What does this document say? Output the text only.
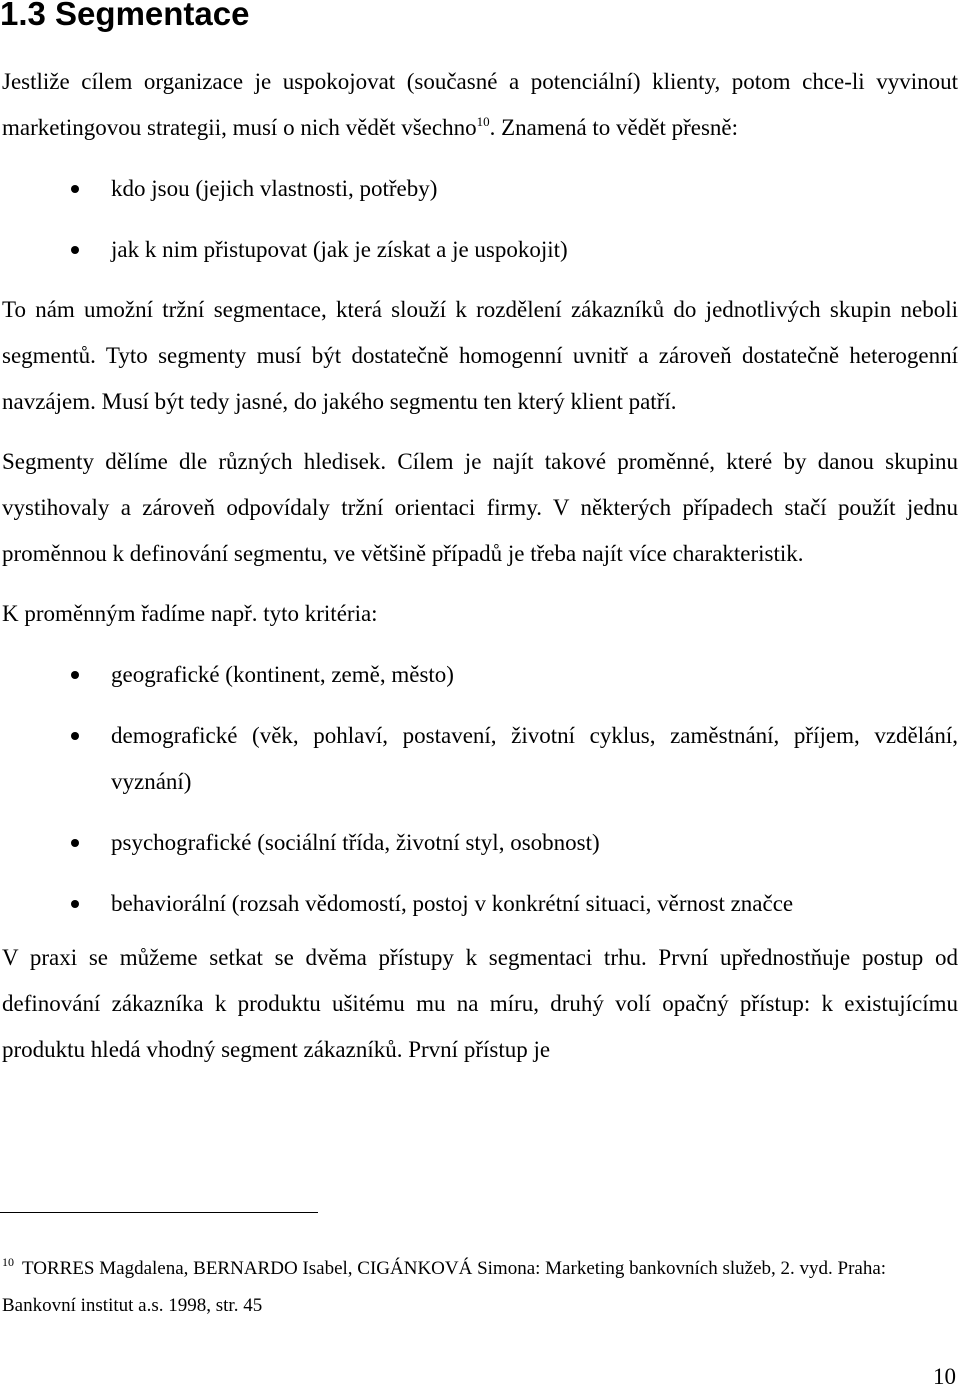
1.3 Segmentace

Jestliže cílem organizace je uspokojovat (současné a potenciální) klienty, potom chce-li vyvinout marketingovou strategii, musí o nich vědět všechno$^{10}$. Znamená to vědět přesně:

kdo jsou (jejich vlastnosti, potřeby)
jak k nim přistupovat (jak je získat a je uspokojit)

To nám umožní tržní segmentace, která slouží k rozdělení zákazníků do jednotlivých skupin neboli segmentů. Tyto segmenty musí být dostatečně homogenní uvnitř a zároveň dostatečně heterogenní navzájem. Musí být tedy jasné, do jakého segmentu ten který klient patří.

Segmenty dělíme dle různých hledisek. Cílem je najít takové proměnné, které by danou skupinu vystihovaly a zároveň odpovídaly tržní orientaci firmy. V některých případech stačí použít jednu proměnnou k definování segmentu, ve většině případů je třeba najít více charakteristik.

K proměnným řadíme např. tyto kritéria:

geografické (kontinent, země, město)
demografické (věk, pohlaví, postavení, životní cyklus, zaměstnání, příjem, vzdělání, vyznání)
psychografické (sociální třída, životní styl, osobnost)
behaviorální (rozsah vědomostí, postoj v konkrétní situaci, věrnost značce

V praxi se můžeme setkat se dvěma přístupy k segmentaci trhu. První upřednostňuje postup od definování zákazníka k produktu ušitému mu na míru, druhý volí opačný přístup: k existujícímu produktu hledá vhodný segment zákazníků. První přístup je

$^{10}$ TORRES Magdalena, BERNARDO Isabel, CIGÁNKOVÁ Simona: Marketing bankovních služeb, 2. vyd. Praha: Bankovní institut a.s. 1998, str. 45

10
